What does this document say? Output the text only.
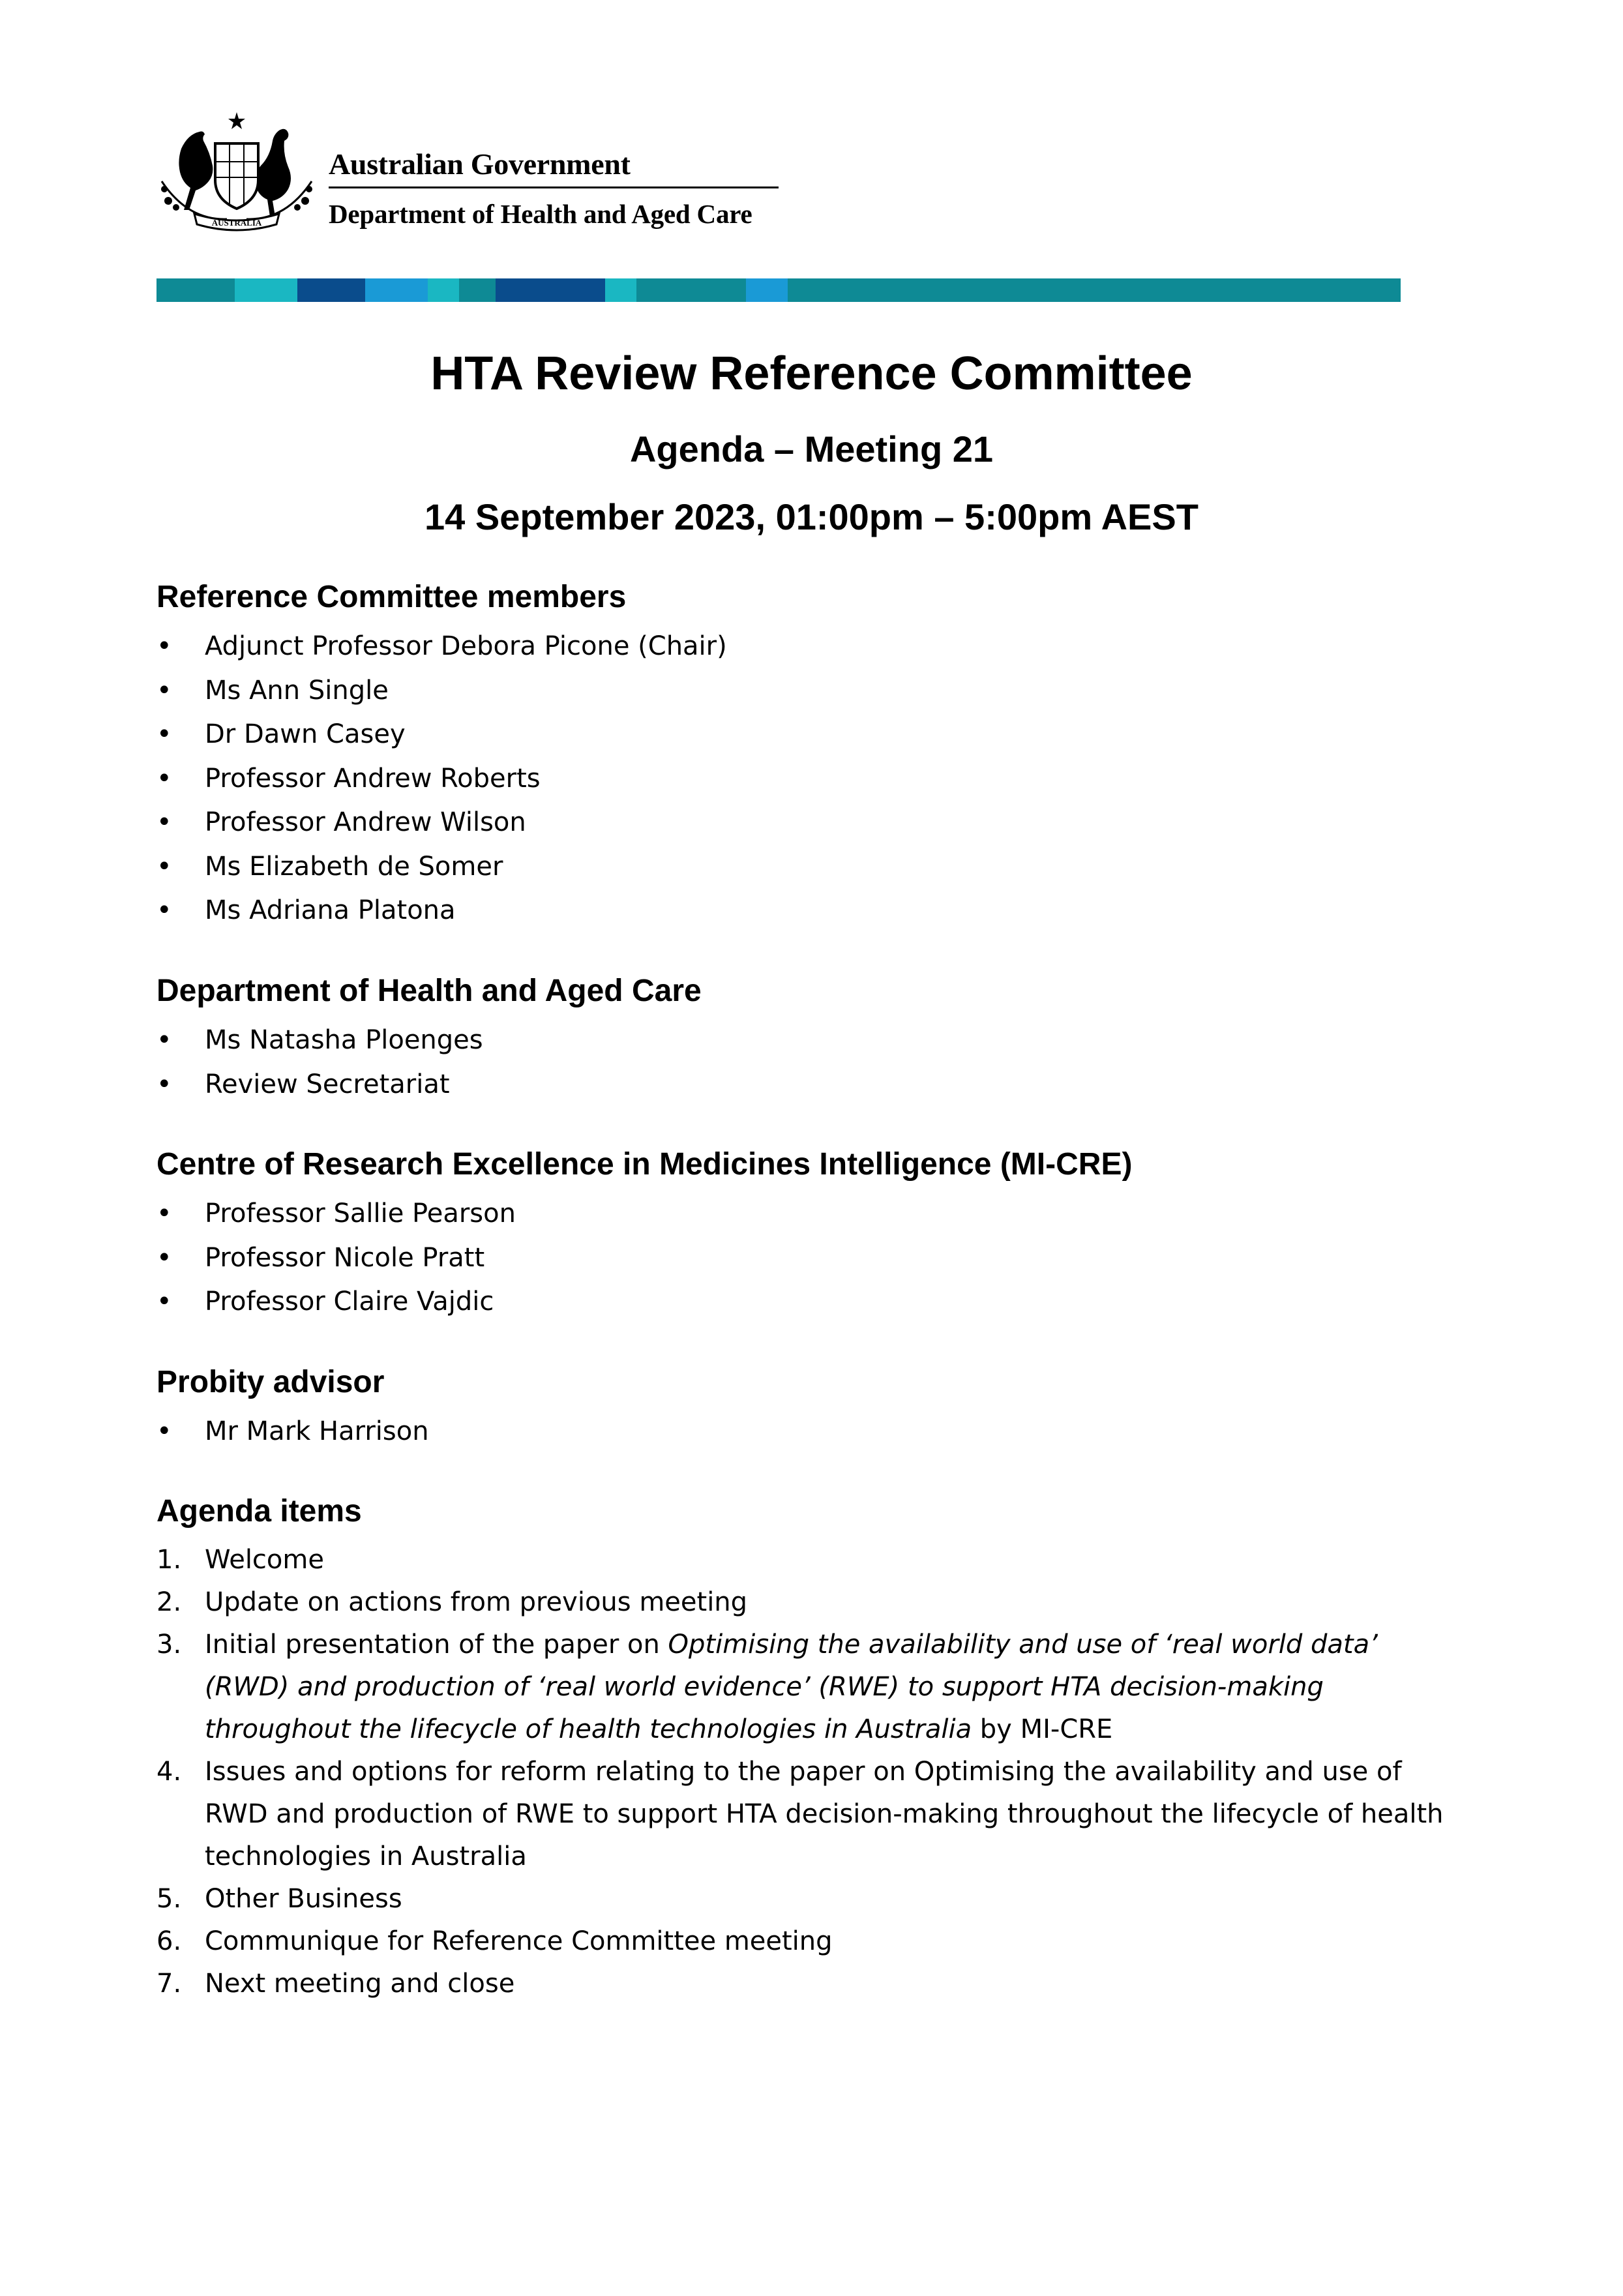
AUSTRALIA
Australian Government
Department of Health and Aged Care
HTA Review Reference Committee
Agenda – Meeting 21
14 September 2023, 01:00pm – 5:00pm AEST
Reference Committee members
• Adjunct Professor Debora Picone (Chair)
• Ms Ann Single
• Dr Dawn Casey
• Professor Andrew Roberts
• Professor Andrew Wilson
• Ms Elizabeth de Somer
• Ms Adriana Platona
Department of Health and Aged Care
• Ms Natasha Ploenges
• Review Secretariat
Centre of Research Excellence in Medicines Intelligence (MI-CRE)
• Professor Sallie Pearson
• Professor Nicole Pratt
• Professor Claire Vajdic
Probity advisor
• Mr Mark Harrison
Agenda items
1. Welcome
2. Update on actions from previous meeting
3. Initial presentation of the paper on Optimising the availability and use of ‘real world data’ (RWD) and production of ‘real world evidence’ (RWE) to support HTA decision-making throughout the lifecycle of health technologies in Australia by MI-CRE
4. Issues and options for reform relating to the paper on Optimising the availability and use of RWD and production of RWE to support HTA decision-making throughout the lifecycle of health technologies in Australia
5. Other Business
6. Communique for Reference Committee meeting
7. Next meeting and close
